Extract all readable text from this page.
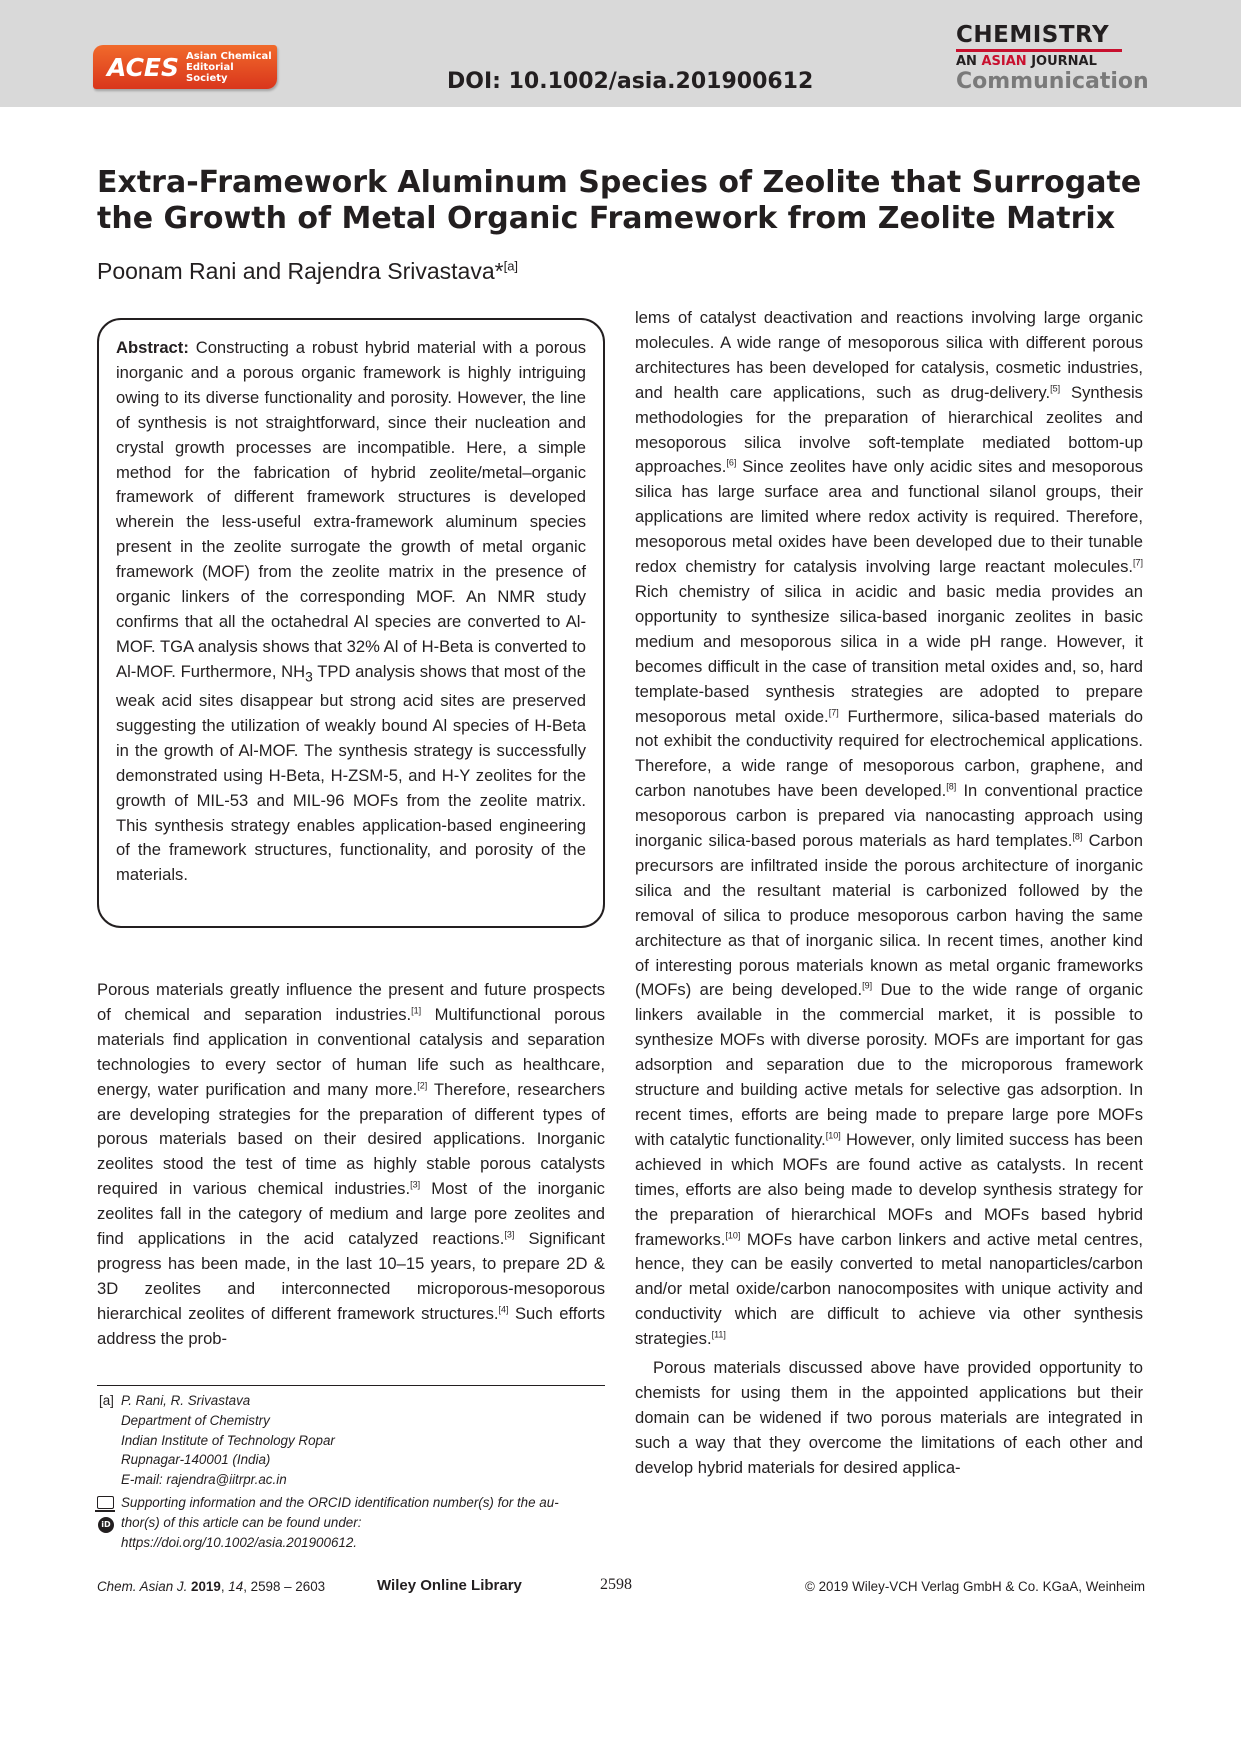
ACES Asian Chemical
Editorial Society	DOI: 10.1002/asia.201900612
CHEMISTRY
AN ASIAN JOURNAL
Communication
Extra-Framework Aluminum Species of Zeolite that Surrogate the Growth of Metal Organic Framework from Zeolite Matrix
Poonam Rani and Rajendra Srivastava*[a]

Abstract: Constructing a robust hybrid material with a porous inorganic and a porous organic framework is highly intriguing owing to its diverse functionality and porosity. However, the line of synthesis is not straightforward, since their nucleation and crystal growth processes are incompatible. Here, a simple method for the fabrication of hybrid zeolite/metal–organic framework of different framework structures is developed wherein the less-useful extra-framework aluminum species present in the zeolite surrogate the growth of metal organic framework (MOF) from the zeolite matrix in the presence of organic linkers of the corresponding MOF. An NMR study confirms that all the octahedral Al species are converted to Al-MOF. TGA analysis shows that 32% Al of H-Beta is converted to Al-MOF. Furthermore, $NH_3$ TPD analysis shows that most of the weak acid sites disappear but strong acid sites are preserved suggesting the utilization of weakly bound Al species of H-Beta in the growth of Al-MOF. The synthesis strategy is successfully demonstrated using H-Beta, H-ZSM-5, and H-Y zeolites for the growth of MIL-53 and MIL-96 MOFs from the zeolite matrix. This synthesis strategy enables application-based engineering of the framework structures, functionality, and porosity of the materials.

Porous materials greatly influence the present and future prospects of chemical and separation industries.[1] Multifunctional porous materials find application in conventional catalysis and separation technologies to every sector of human life such as healthcare, energy, water purification and many more.[2] Therefore, researchers are developing strategies for the preparation of different types of porous materials based on their desired applications. Inorganic zeolites stood the test of time as highly stable porous catalysts required in various chemical industries.[3] Most of the inorganic zeolites fall in the category of medium and large pore zeolites and find applications in the acid catalyzed reactions.[3] Significant progress has been made, in the last 10–15 years, to prepare 2D & 3D zeolites and interconnected microporous-mesoporous hierarchical zeolites of different framework structures.[4] Such efforts address the prob-

lems of catalyst deactivation and reactions involving large organic molecules. A wide range of mesoporous silica with different porous architectures has been developed for catalysis, cosmetic industries, and health care applications, such as drug-delivery.[5] Synthesis methodologies for the preparation of hierarchical zeolites and mesoporous silica involve soft-template mediated bottom-up approaches.[6] Since zeolites have only acidic sites and mesoporous silica has large surface area and functional silanol groups, their applications are limited where redox activity is required. Therefore, mesoporous metal oxides have been developed due to their tunable redox chemistry for catalysis involving large reactant molecules.[7] Rich chemistry of silica in acidic and basic media provides an opportunity to synthesize silica-based inorganic zeolites in basic medium and mesoporous silica in a wide pH range. However, it becomes difficult in the case of transition metal oxides and, so, hard template-based synthesis strategies are adopted to prepare mesoporous metal oxide.[7] Furthermore, silica-based materials do not exhibit the conductivity required for electrochemical applications. Therefore, a wide range of mesoporous carbon, graphene, and carbon nanotubes have been developed.[8] In conventional practice mesoporous carbon is prepared via nanocasting approach using inorganic silica-based porous materials as hard templates.[8] Carbon precursors are infiltrated inside the porous architecture of inorganic silica and the resultant material is carbonized followed by the removal of silica to produce mesoporous carbon having the same architecture as that of inorganic silica. In recent times, another kind of interesting porous materials known as metal organic frameworks (MOFs) are being developed.[9] Due to the wide range of organic linkers available in the commercial market, it is possible to synthesize MOFs with diverse porosity. MOFs are important for gas adsorption and separation due to the microporous framework structure and building active metals for selective gas adsorption. In recent times, efforts are being made to prepare large pore MOFs with catalytic functionality.[10] However, only limited success has been achieved in which MOFs are found active as catalysts. In recent times, efforts are also being made to develop synthesis strategy for the preparation of hierarchical MOFs and MOFs based hybrid frameworks.[10] MOFs have carbon linkers and active metal centres, hence, they can be easily converted to metal nanoparticles/carbon and/or metal oxide/carbon nanocomposites with unique activity and conductivity which are difficult to achieve via other synthesis strategies.[11]

Porous materials discussed above have provided opportunity to chemists for using them in the appointed applications but their domain can be widened if two porous materials are integrated in such a way that they overcome the limitations of each other and develop hybrid materials for desired applica-

[a] P. Rani, R. Srivastava
Department of Chemistry
Indian Institute of Technology Ropar
Rupnagar-140001 (India)
E-mail: rajendra@iitrpr.ac.in
iD
Supporting information and the ORCID identification number(s) for the au-
thor(s) of this article can be found under:
https://doi.org/10.1002/asia.201900612.
Chem. Asian J. 2019, 14, 2598 – 2603	Wiley Online Library	2598	© 2019 Wiley-VCH Verlag GmbH & Co. KGaA, Weinheim
